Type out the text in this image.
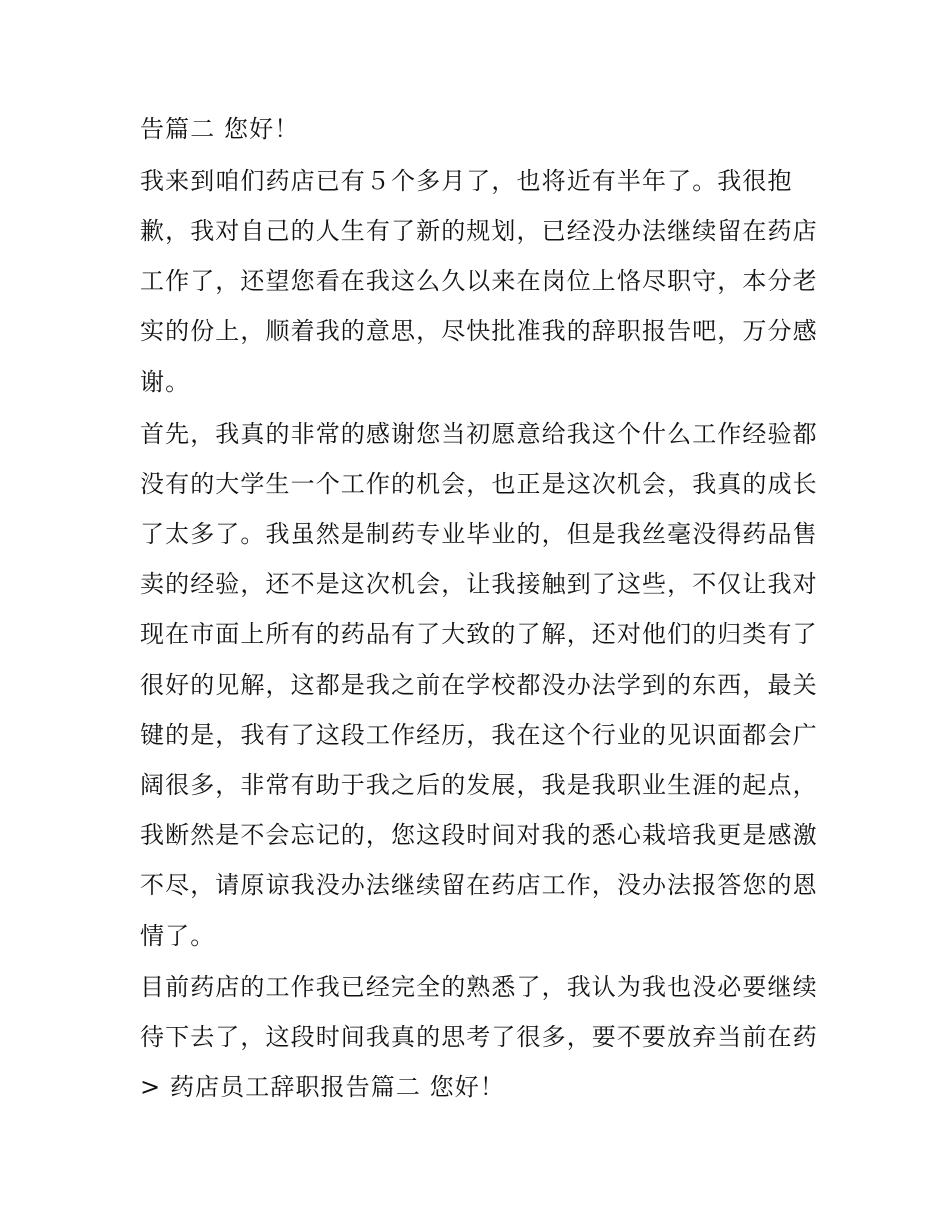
告篇二 您好！
我来到咱们药店已有５个多月了，也将近有半年了。我很抱
歉，我对自己的人生有了新的规划，已经没办法继续留在药店
工作了，还望您看在我这么久以来在岗位上恪尽职守，本分老
实的份上，顺着我的意思，尽快批准我的辞职报告吧，万分感
谢。
首先，我真的非常的感谢您当初愿意给我这个什么工作经验都
没有的大学生一个工作的机会，也正是这次机会，我真的成长
了太多了。我虽然是制药专业毕业的，但是我丝毫没得药品售
卖的经验，还不是这次机会，让我接触到了这些，不仅让我对
现在市面上所有的药品有了大致的了解，还对他们的归类有了
很好的见解，这都是我之前在学校都没办法学到的东西，最关
键的是，我有了这段工作经历，我在这个行业的见识面都会广
阔很多，非常有助于我之后的发展，我是我职业生涯的起点，
我断然是不会忘记的，您这段时间对我的悉心栽培我更是感激
不尽，请原谅我没办法继续留在药店工作，没办法报答您的恩
情了。
目前药店的工作我已经完全的熟悉了，我认为我也没必要继续
待下去了，这段时间我真的思考了很多，要不要放弃当前在药
> 药店员工辞职报告篇二 您好！
